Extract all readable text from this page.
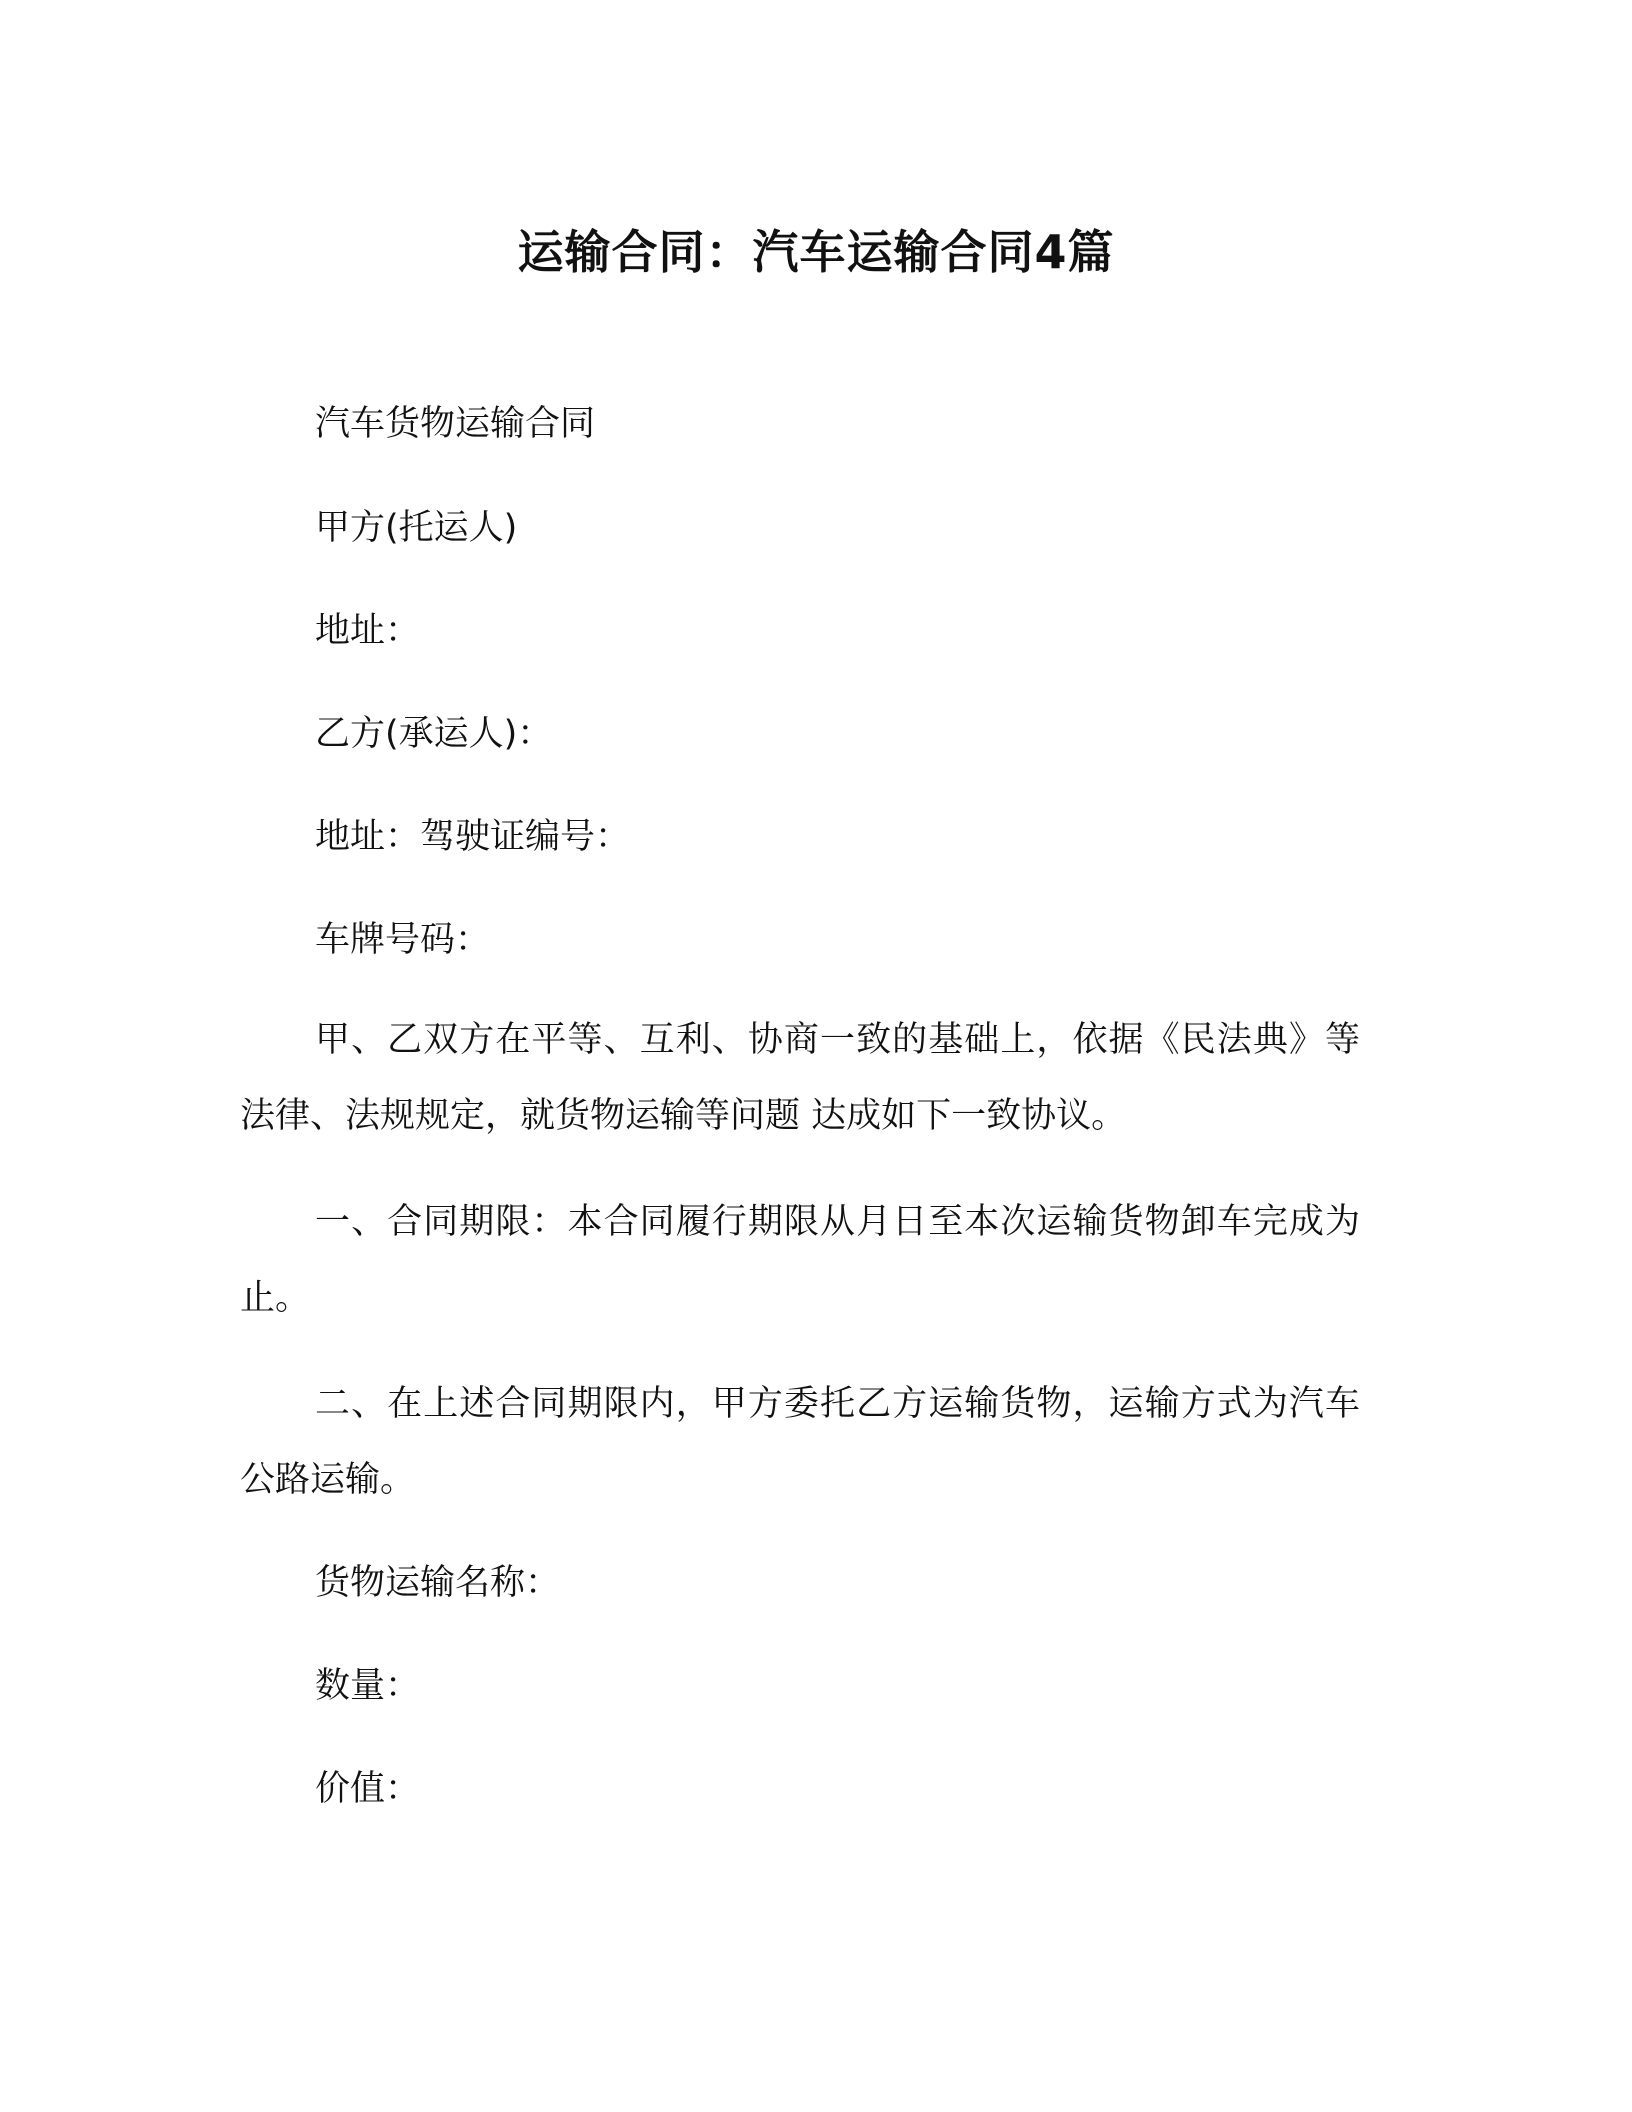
运输合同：汽车运输合同4篇

汽车货物运输合同

甲方(托运人)

地址：

乙方(承运人)：

地址：驾驶证编号：

车牌号码：

甲、乙双方在平等、互利、协商一致的基础上，依据《民法典》等法律、法规规定，就货物运输等问题 达成如下一致协议。

一、合同期限：本合同履行期限从月日至本次运输货物卸车完成为止。

二、在上述合同期限内，甲方委托乙方运输货物，运输方式为汽车公路运输。

货物运输名称：

数量：

价值：
